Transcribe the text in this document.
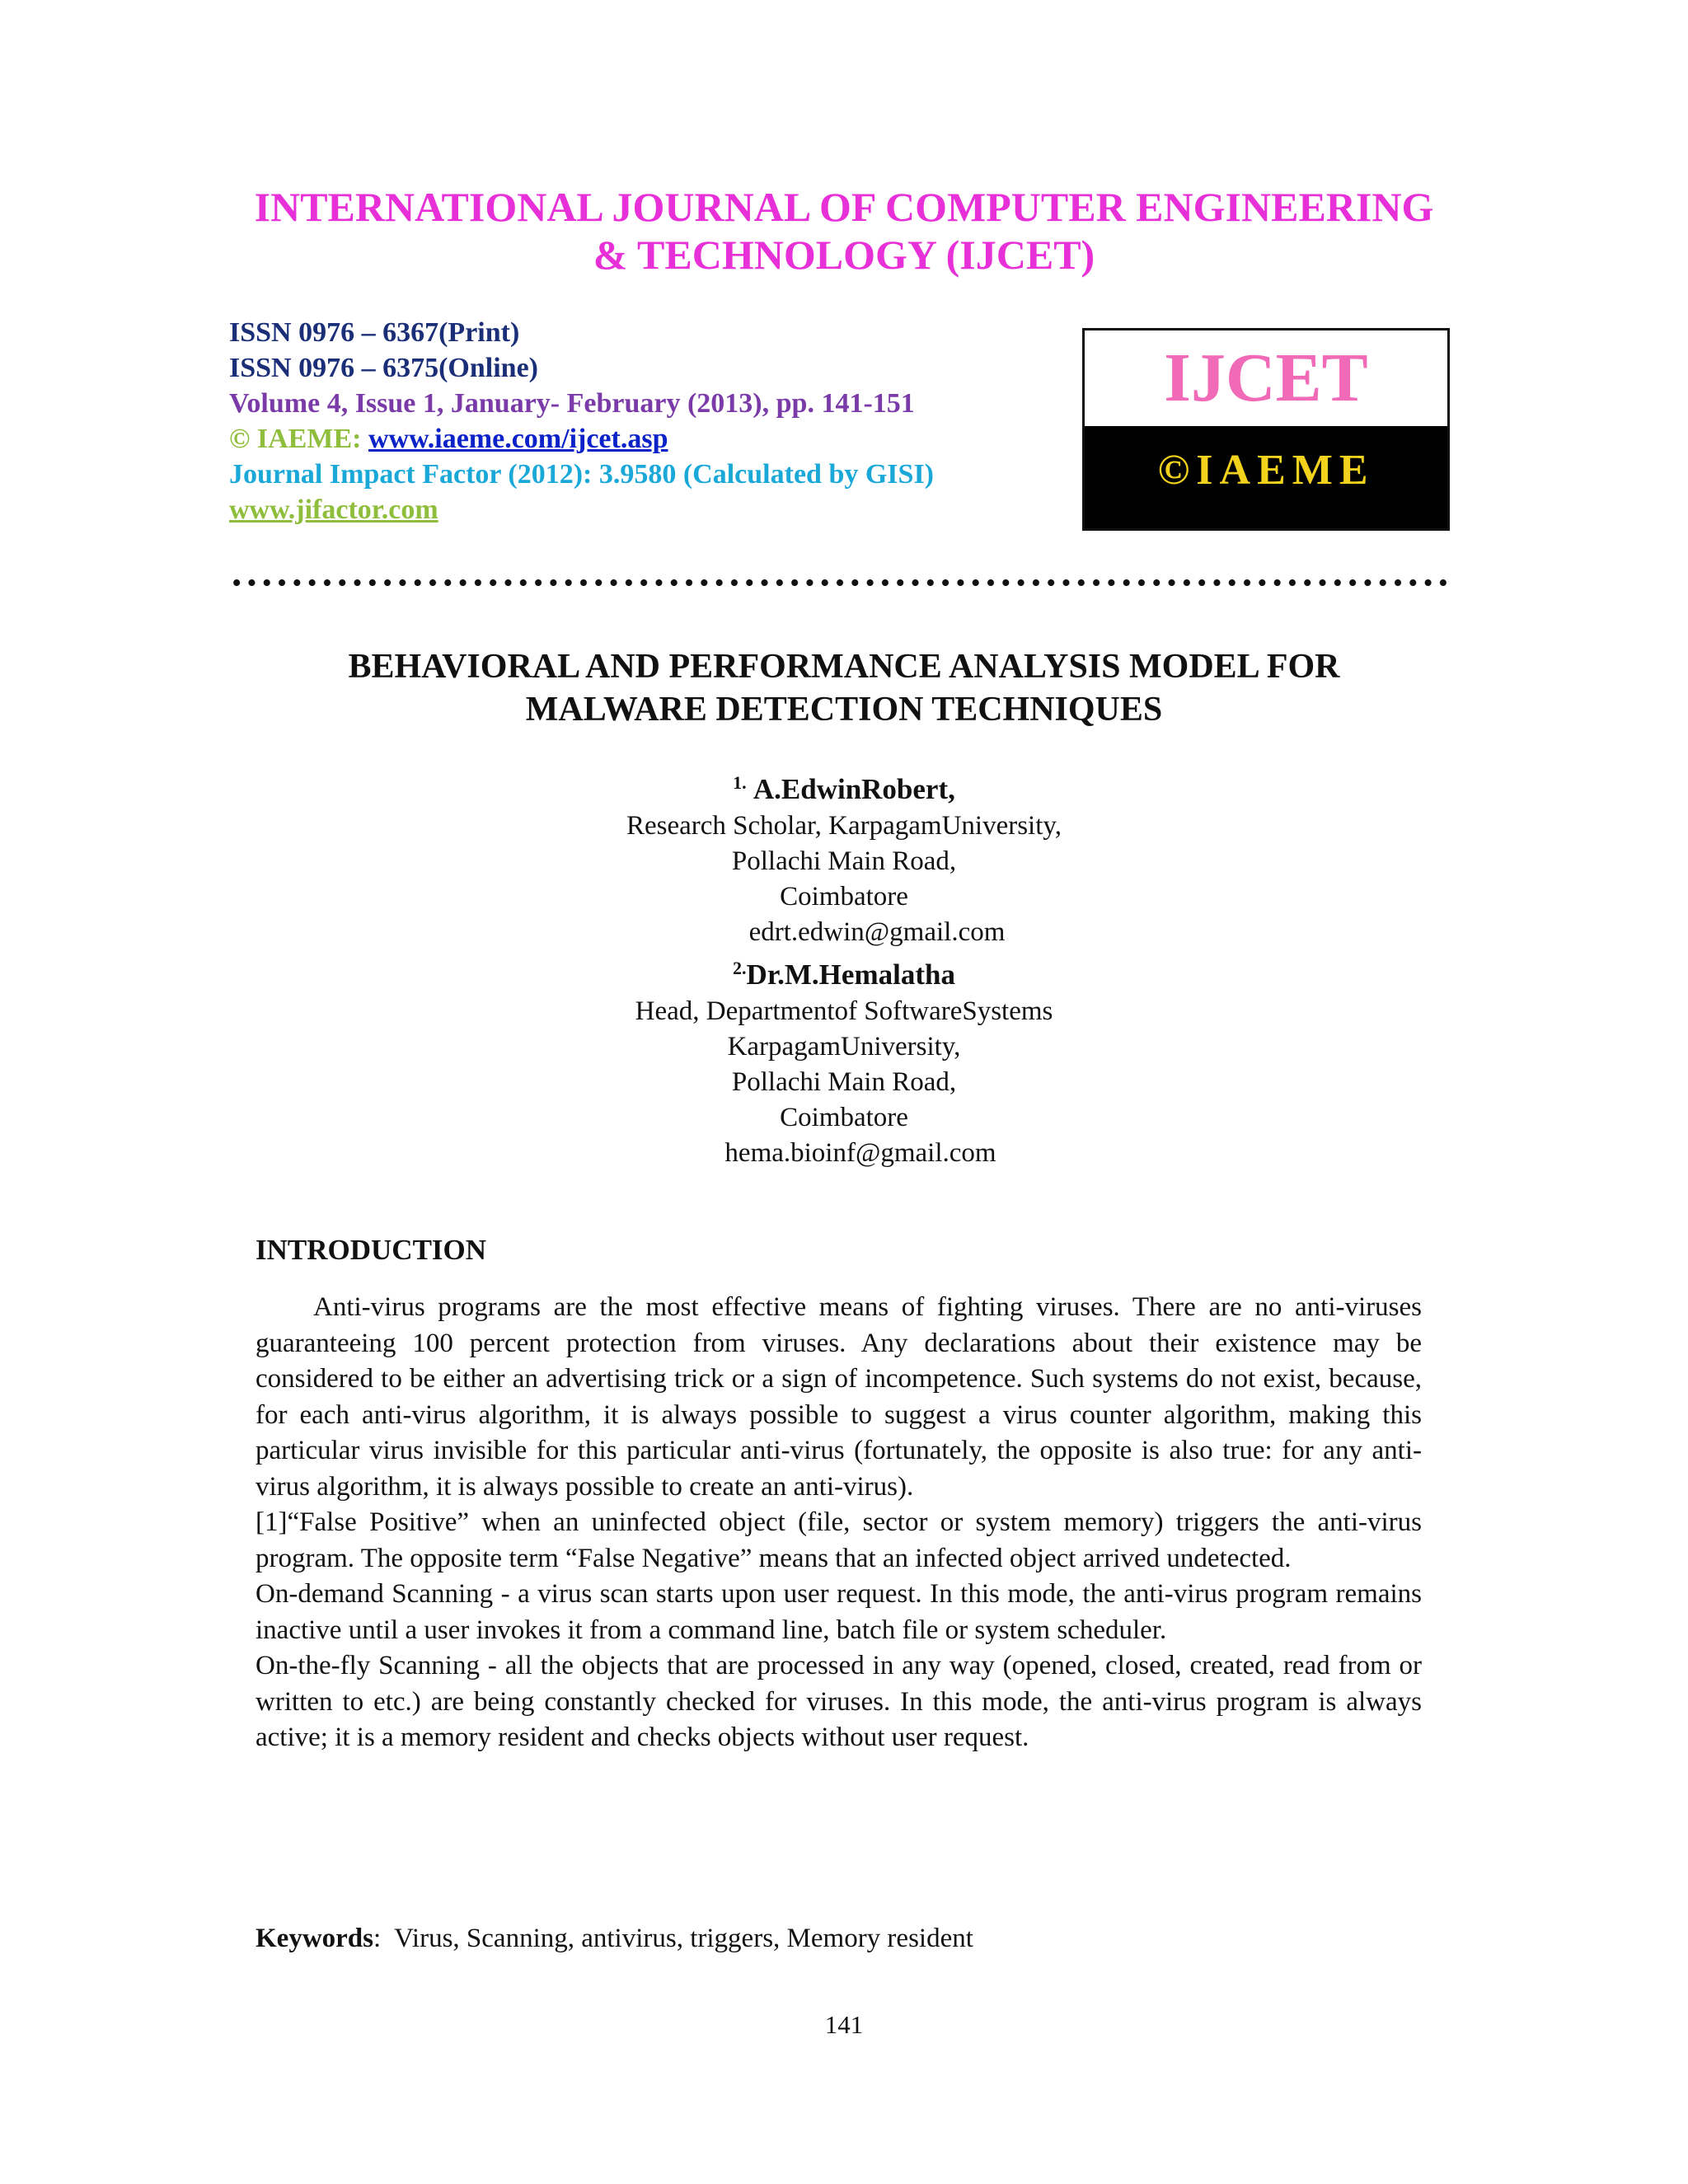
INTERNATIONAL JOURNAL OF COMPUTER ENGINEERING
& TECHNOLOGY (IJCET)
ISSN 0976 – 6367(Print)
ISSN 0976 – 6375(Online)
Volume 4, Issue 1, January- February (2013), pp. 141-151
© IAEME: www.iaeme.com/ijcet.asp
Journal Impact Factor (2012): 3.9580 (Calculated by GISI)
www.jifactor.com
IJCET
©IAEME
BEHAVIORAL AND PERFORMANCE ANALYSIS MODEL FOR
MALWARE DETECTION TECHNIQUES
$^{1.}$ A.EdwinRobert,
Research Scholar, KarpagamUniversity,
Pollachi Main Road,
Coimbatore
edrt.edwin@gmail.com
$^{2.}$Dr.M.Hemalatha
Head, Departmentof SoftwareSystems
KarpagamUniversity,
Pollachi Main Road,
Coimbatore
hema.bioinf@gmail.com
INTRODUCTION

Anti-virus programs are the most effective means of fighting viruses. There are no anti-viruses guaranteeing 100 percent protection from viruses. Any declarations about their existence may be considered to be either an advertising trick or a sign of incompetence. Such systems do not exist, because, for each anti-virus algorithm, it is always possible to suggest a virus counter algorithm, making this particular virus invisible for this particular anti-virus (fortunately, the opposite is also true: for any anti-virus algorithm, it is always possible to create an anti-virus).

[1]“False Positive” when an uninfected object (file, sector or system memory) triggers the anti-virus program. The opposite term “False Negative” means that an infected object arrived undetected.

On-demand Scanning - a virus scan starts upon user request. In this mode, the anti-virus program remains inactive until a user invokes it from a command line, batch file or system scheduler.

On-the-fly Scanning - all the objects that are processed in any way (opened, closed, created, read from or written to etc.) are being constantly checked for viruses. In this mode, the anti-virus program is always active; it is a memory resident and checks objects without user request.

Keywords: Virus, Scanning, antivirus, triggers, Memory resident
141
